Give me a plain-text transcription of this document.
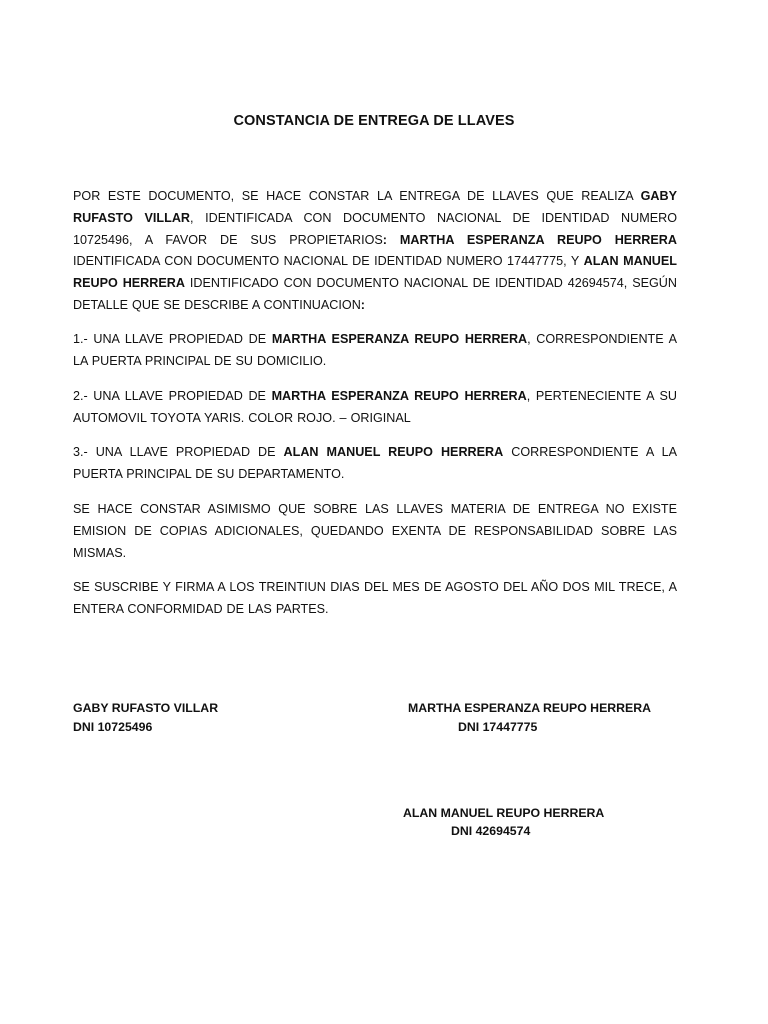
CONSTANCIA DE ENTREGA DE LLAVES
POR ESTE DOCUMENTO, SE HACE CONSTAR LA ENTREGA DE LLAVES QUE REALIZA GABY RUFASTO VILLAR, IDENTIFICADA CON DOCUMENTO NACIONAL DE IDENTIDAD NUMERO 10725496, A FAVOR DE SUS PROPIETARIOS: MARTHA ESPERANZA REUPO HERRERA IDENTIFICADA CON DOCUMENTO NACIONAL DE IDENTIDAD NUMERO 17447775, Y ALAN MANUEL REUPO HERRERA IDENTIFICADO CON DOCUMENTO NACIONAL DE IDENTIDAD 42694574, SEGÚN DETALLE QUE SE DESCRIBE A CONTINUACION:
1.- UNA LLAVE PROPIEDAD DE MARTHA ESPERANZA REUPO HERRERA, CORRESPONDIENTE A LA PUERTA PRINCIPAL DE SU DOMICILIO.
2.- UNA LLAVE PROPIEDAD DE MARTHA ESPERANZA REUPO HERRERA, PERTENECIENTE A SU AUTOMOVIL TOYOTA YARIS. COLOR ROJO. – ORIGINAL
3.- UNA LLAVE PROPIEDAD DE ALAN MANUEL REUPO HERRERA CORRESPONDIENTE A LA PUERTA PRINCIPAL DE SU DEPARTAMENTO.
SE HACE CONSTAR ASIMISMO QUE SOBRE LAS LLAVES MATERIA DE ENTREGA NO EXISTE EMISION DE COPIAS ADICIONALES, QUEDANDO EXENTA DE RESPONSABILIDAD SOBRE LAS MISMAS.
SE SUSCRIBE Y FIRMA A LOS TREINTIUN DIAS DEL MES DE AGOSTO DEL AÑO DOS MIL TRECE, A ENTERA CONFORMIDAD DE LAS PARTES.
GABY RUFASTO VILLAR
DNI 10725496
MARTHA ESPERANZA REUPO HERRERA
DNI 17447775
ALAN MANUEL REUPO HERRERA
DNI 42694574
